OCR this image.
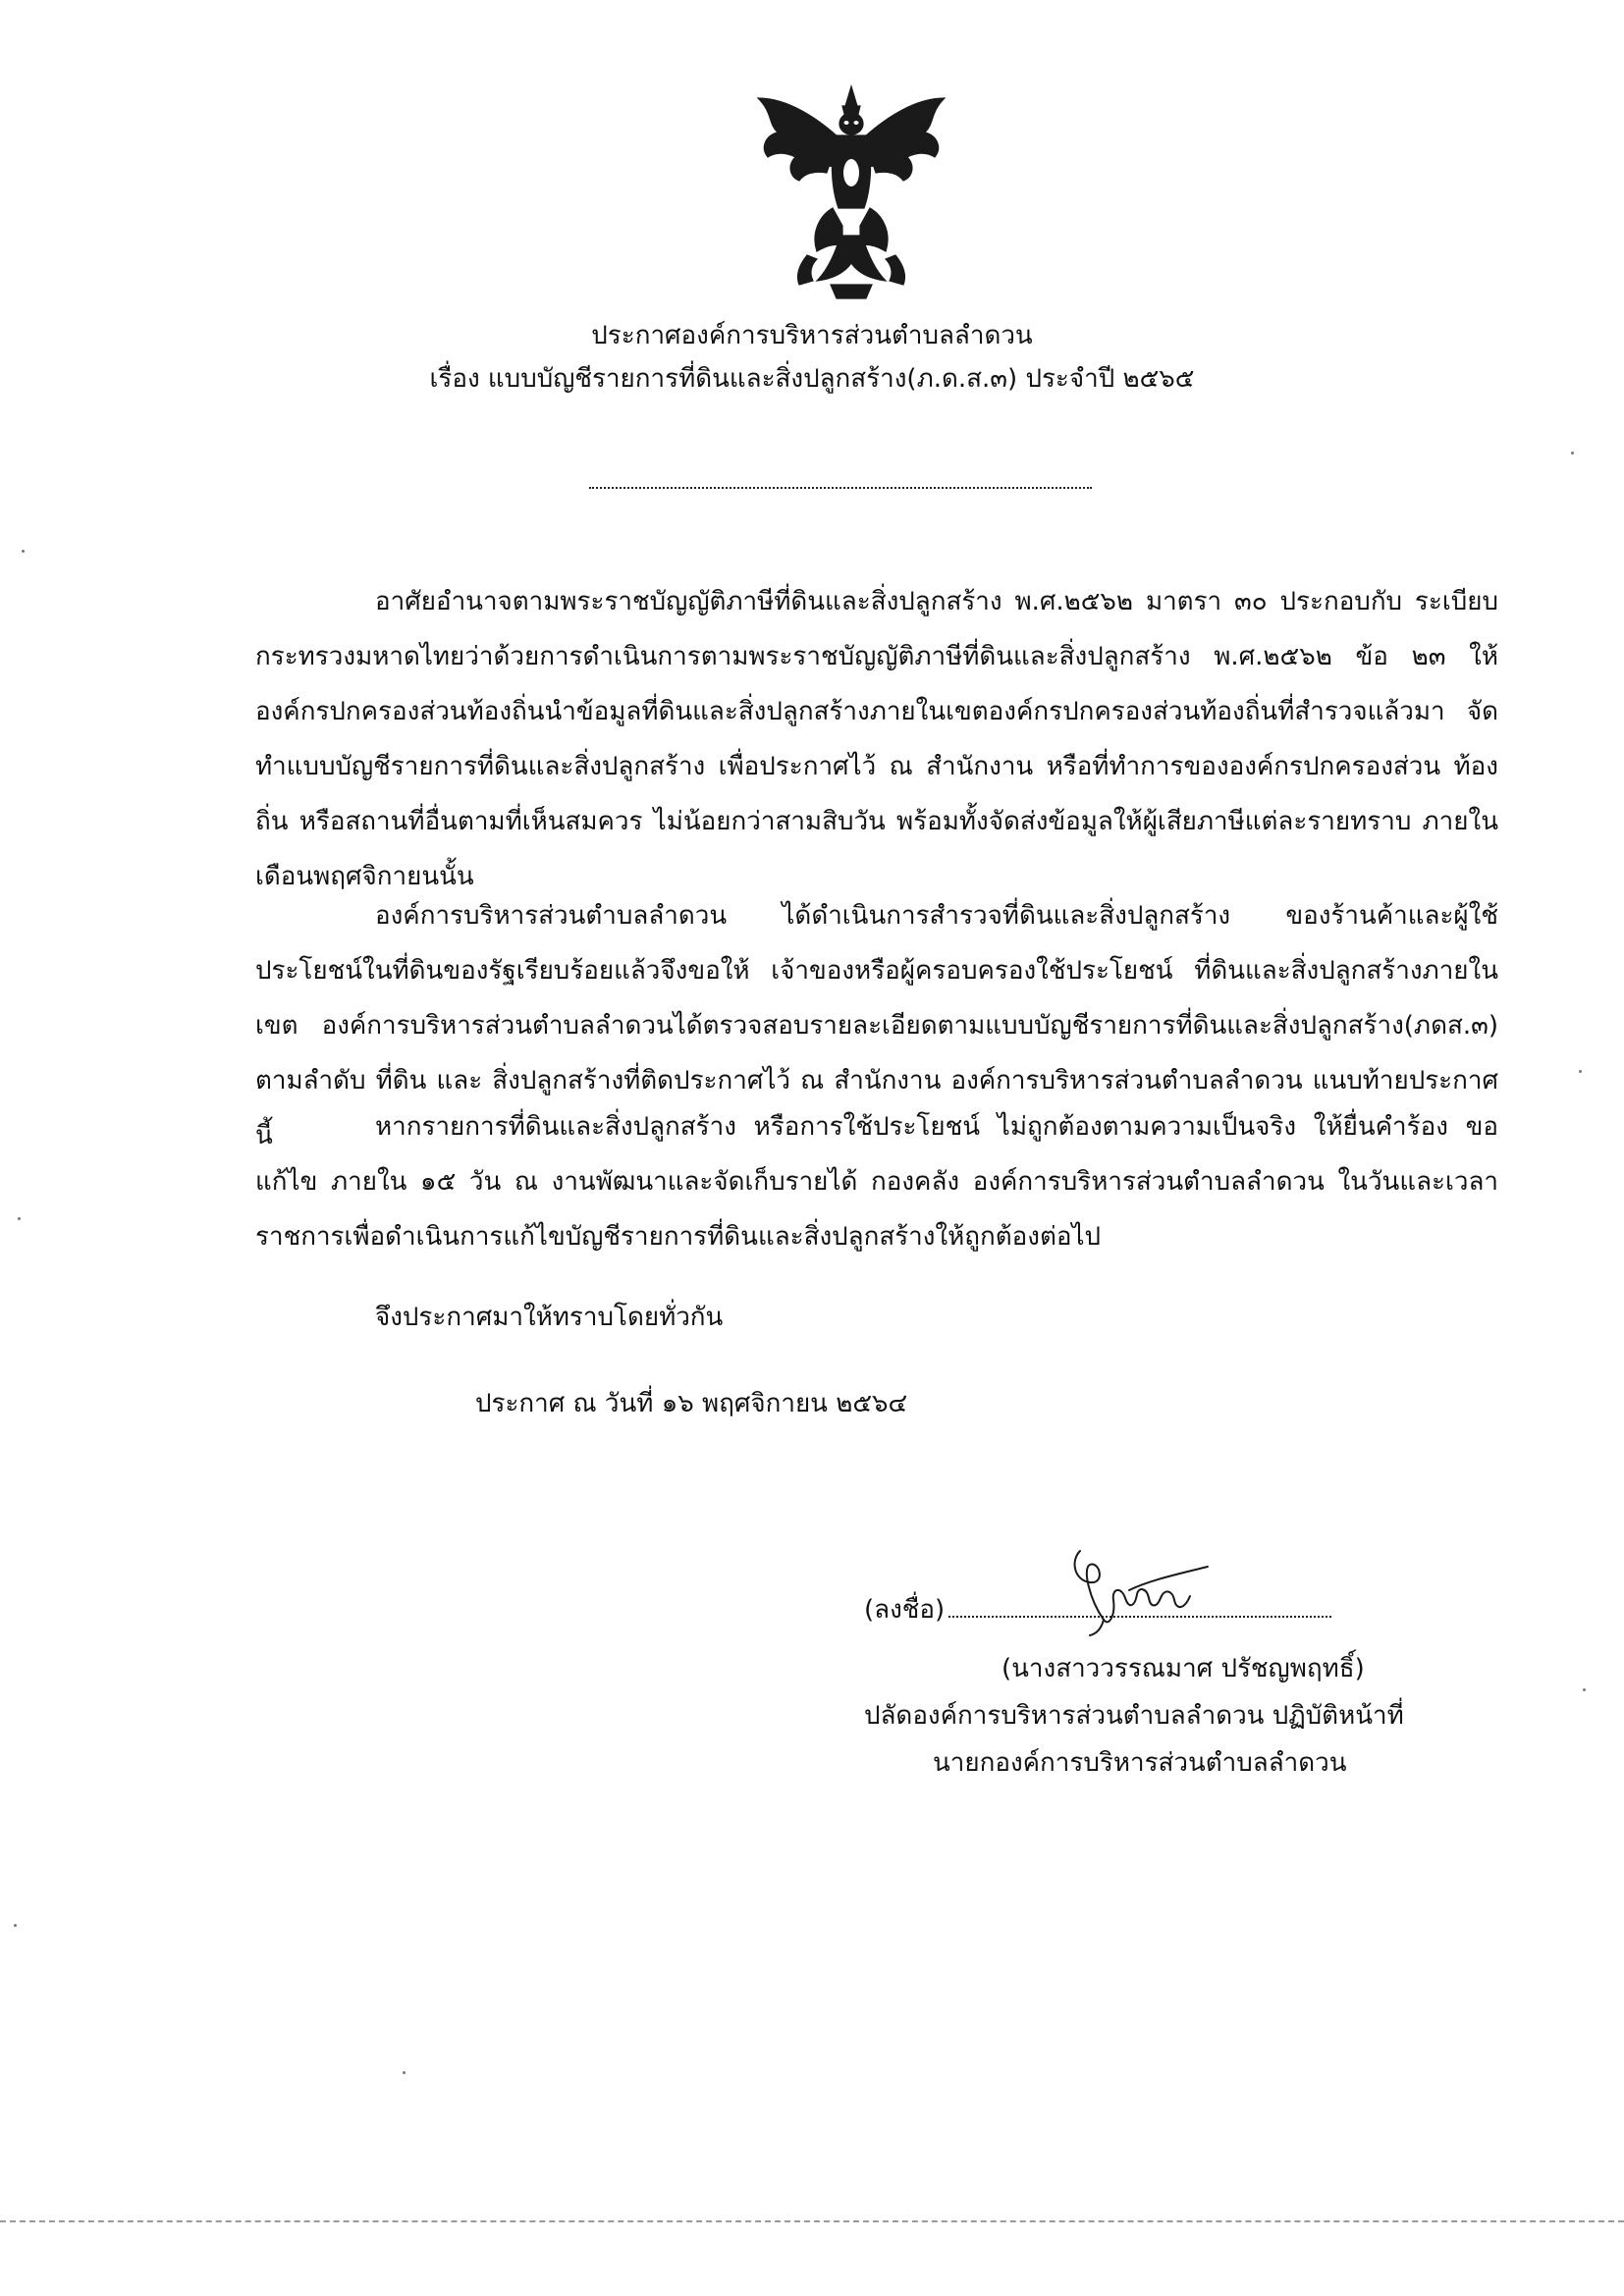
ประกาศองค์การบริหารส่วนตำบลลำดวน
เรื่อง แบบบัญชีรายการที่ดินและสิ่งปลูกสร้าง(ภ.ด.ส.๓) ประจำปี ๒๕๖๕

อาศัยอำนาจตามพระราชบัญญัติภาษีที่ดินและสิ่งปลูกสร้าง พ.ศ.๒๕๖๒ มาตรา ๓๐ ประกอบกับ ระเบียบกระทรวงมหาดไทยว่าด้วยการดำเนินการตามพระราชบัญญัติภาษีที่ดินและสิ่งปลูกสร้าง พ.ศ.๒๕๖๒ ข้อ ๒๓ ให้องค์กรปกครองส่วนท้องถิ่นนำข้อมูลที่ดินและสิ่งปลูกสร้างภายในเขตองค์กรปกครองส่วนท้องถิ่นที่สำรวจแล้วมา จัดทำแบบบัญชีรายการที่ดินและสิ่งปลูกสร้าง เพื่อประกาศไว้ ณ สำนักงาน หรือที่ทำการขององค์กรปกครองส่วน ท้องถิ่น หรือสถานที่อื่นตามที่เห็นสมควร ไม่น้อยกว่าสามสิบวัน พร้อมทั้งจัดส่งข้อมูลให้ผู้เสียภาษีแต่ละรายทราบ ภายในเดือนพฤศจิกายนนั้น

องค์การบริหารส่วนตำบลลำดวน ได้ดำเนินการสำรวจที่ดินและสิ่งปลูกสร้าง ของร้านค้าและผู้ใช้ ประโยชน์ในที่ดินของรัฐเรียบร้อยแล้วจึงขอให้ เจ้าของหรือผู้ครอบครองใช้ประโยชน์ ที่ดินและสิ่งปลูกสร้างภายในเขต องค์การบริหารส่วนตำบลลำดวนได้ตรวจสอบรายละเอียดตามแบบบัญชีรายการที่ดินและสิ่งปลูกสร้าง(ภดส.๓) ตามลำดับ ที่ดิน และ สิ่งปลูกสร้างที่ติดประกาศไว้ ณ สำนักงาน องค์การบริหารส่วนตำบลลำดวน แนบท้ายประกาศนี้	หากรายการที่ดินและสิ่งปลูกสร้าง หรือการใช้ประโยชน์ ไม่ถูกต้องตามความเป็นจริง ให้ยื่นคำร้อง ขอแก้ไข ภายใน ๑๕ วัน ณ งานพัฒนาและจัดเก็บรายได้ กองคลัง องค์การบริหารส่วนตำบลลำดวน ในวันและเวลา ราชการเพื่อดำเนินการแก้ไขบัญชีรายการที่ดินและสิ่งปลูกสร้างให้ถูกต้องต่อไป

จึงประกาศมาให้ทราบโดยทั่วกัน
ประกาศ ณ วันที่ ๑๖ พฤศจิกายน ๒๕๖๔
(ลงชื่อ)
(นางสาววรรณมาศ ปรัชญพฤทธิ์)
ปลัดองค์การบริหารส่วนตำบลลำดวน ปฏิบัติหน้าที่
นายกองค์การบริหารส่วนตำบลลำดวน
